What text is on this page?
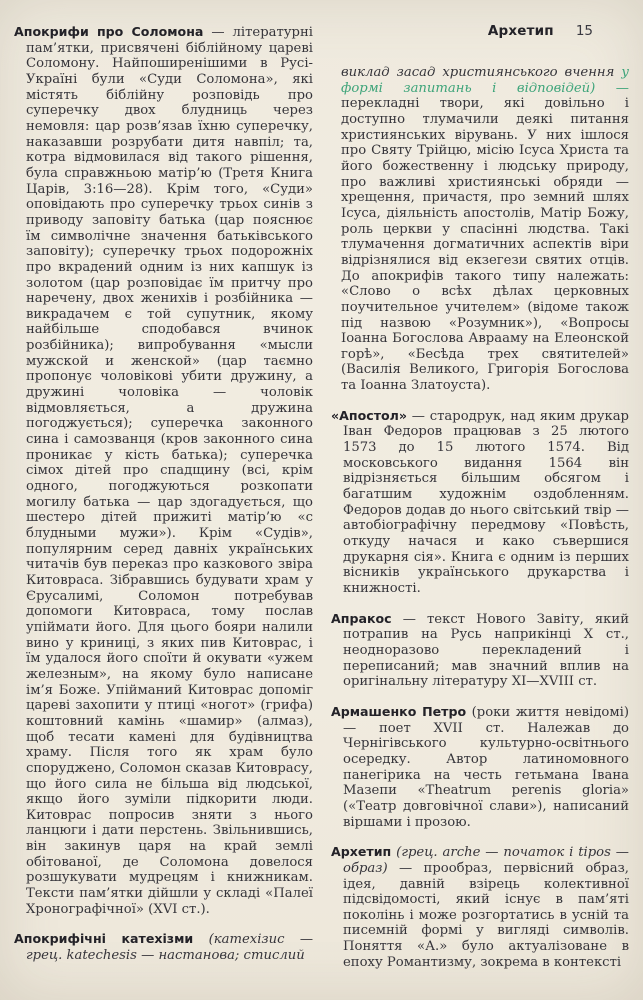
Апокрифи про Соломона — літературні пам’ятки, присвячені біблійному цареві Соломону. Найпоширенішими в Русі-Україні були «Суди Соломона», які містять біблійну розповідь про суперечку двох блудниць через немовля: цар розв’язав їхню суперечку, наказавши розрубати дитя навпіл; та, котра відмовилася від такого рішення, була справжньою матір’ю (Третя Книга Царів, 3:16—28). Крім того, «Суди» оповідають про суперечку трьох синів з приводу заповіту батька (цар пояснює їм символічне значення батьківського заповіту); суперечку трьох подорожніх про вкрадений одним із них капшук із золотом (цар розповідає їм притчу про наречену, двох женихів і розбійника — викрадачем є той супутник, якому найбільше сподобався вчинок розбійника); випробування «мысли мужской и женской» (цар таємно пропонує чоловікові убити дружину, а дружині чоловіка — чоловік відмовляється, а дружина погоджується); суперечка законного сина і самозванця (кров законного сина проникає у кість батька); суперечка сімох дітей про спадщину (всі, крім одного, погоджуються розкопати могилу батька — цар здогадується, що шестеро дітей прижиті матір’ю «с блудными мужи»). Крім «Судів», популярним серед давніх українських читачів був переказ про казкового звіра Китовраса. Зібравшись будувати храм у Єрусалимі, Соломон потребував допомоги Китовраса, тому послав упіймати його. Для цього бояри налили вино у криниці, з яких пив Китоврас, і їм удалося його споїти й окувати «ужем железным», на якому було написане ім’я Боже. Упійманий Китоврас допоміг цареві захопити у птиці «ногот» (грифа) коштовний камінь «шамир» (алмаз), щоб тесати камені для будівництва храму. Після того як храм було споруджено, Соломон сказав Китоврасу, що його сила не більша від людської, якщо його зуміли підкорити люди. Китоврас попросив зняти з нього ланцюги і дати перстень. Звільнившись, він закинув царя на край землі обітованої, де Соломона довелося розшукувати мудрецям і книжникам. Тексти пам’ятки дійшли у складі «Палеї Хронографічної» (XVI ст.).

Апокрифічні катехізми (катехізис — грец. katechesis — настанова; стислий

Архетип 15

виклад засад християнського вчення у формі запитань і відповідей) — перекладні твори, які довільно і доступно тлумачили деякі питання християнських вірувань. У них ішлося про Святу Трійцю, місію Ісуса Христа та його божественну і людську природу, про важливі християнські обряди — хрещення, причастя, про земний шлях Ісуса, діяльність апостолів, Матір Божу, роль церкви у спасінні людства. Такі тлумачення догматичних аспектів віри відрізнялися від екзегези святих отців. До апокрифів такого типу належать: «Слово о всѣх дѣлах церковных поучительное учителем» (відоме також під назвою «Розумник»), «Вопросы Іоанна Богослова Аврааму на Елеонской горѣ», «Бесѣда трех святителей» (Василія Великого, Григорія Богослова та Іоанна Златоуста).

«Апостол» — стародрук, над яким друкар Іван Федоров працював з 25 лютого 1573 до 15 лютого 1574. Від московського видання 1564 він відрізняється більшим обсягом і багатшим художнім оздобленням. Федоров додав до нього світський твір — автобіографічну передмову «Повѣсть, откуду начася и како съвершися друкарня сія». Книга є одним із перших вісників українського друкарства і книжності.

Апракос — текст Нового Завіту, який потрапив на Русь наприкінці X ст., неодноразово перекладений і переписаний; мав значний вплив на оригінальну літературу XI—XVIII ст.

Армашенко Петро (роки життя невідомі) — поет XVII ст. Належав до Чернігівського культурно-освітнього осередку. Автор латиномовного панегірика на честь гетьмана Івана Мазепи «Theatrum perenis gloria» («Театр довговічної слави»), написаний віршами і прозою.

Архетип (грец. arche — початок і tipos — образ) — прообраз, первісний образ, ідея, давній взірець колективної підсвідомості, який існує в пам’яті поколінь і може розгортатись в усній та писемній формі у вигляді символів. Поняття «А.» було актуалізоване в епоху Романтизму, зокрема в контексті
